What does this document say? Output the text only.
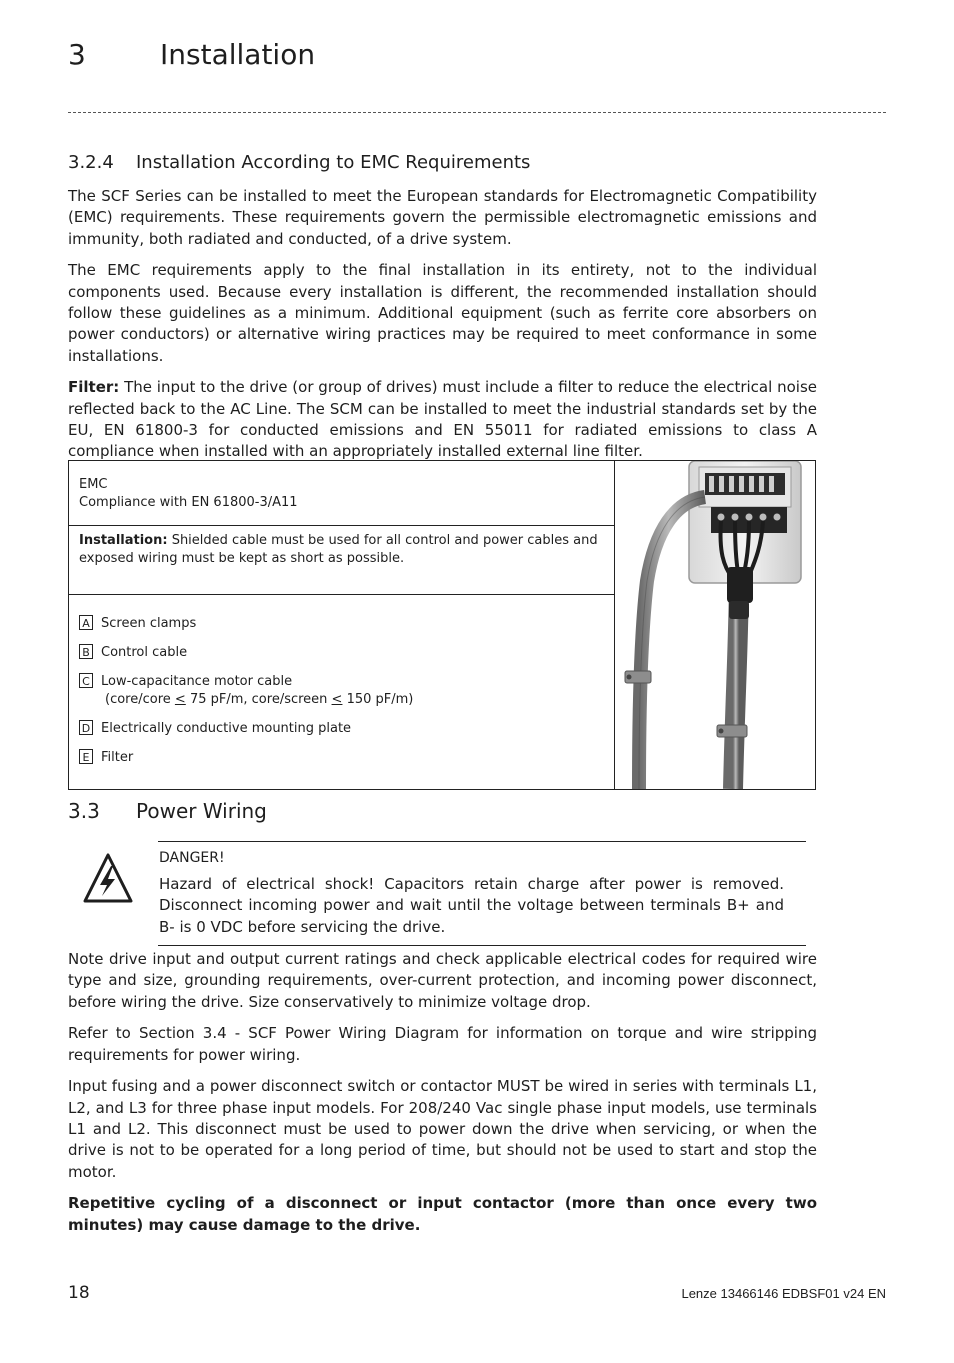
3	Installation
3.2.4 Installation According to EMC Requirements

The SCF Series can be installed to meet the European standards for Electromagnetic Compatibility (EMC) requirements. These requirements govern the permissible electromagnetic emissions and immunity, both radiated and conducted, of a drive system.

The EMC requirements apply to the final installation in its entirety, not to the individual components used. Because every installation is different, the recommended installation should follow these guidelines as a minimum. Additional equipment (such as ferrite core absorbers on power conductors) or alternative wiring practices may be required to meet conformance in some installations.

Filter: The input to the drive (or group of drives) must include a filter to reduce the electrical noise reflected back to the AC Line. The SCM can be installed to meet the industrial standards set by the EU, EN 61800-3 for conducted emissions and EN 55011 for radiated emissions to class A compliance when installed with an appropriately installed external line filter.

EMC
Compliance with EN 61800-3/A11
Installation: Shielded cable must be used for all control and power cables and exposed wiring must be kept as short as possible.
A Screen clamps
B Control cable
C Low-capacitance motor cable
(core/core ≤ 75 pF/m, core/screen ≤ 150 pF/m)
D Electrically conductive mounting plate
E Filter
3.3 Power Wiring
DANGER!
Hazard of electrical shock! Capacitors retain charge after power is removed. Disconnect incoming power and wait until the voltage between terminals B+ and B- is 0 VDC before servicing the drive.

Note drive input and output current ratings and check applicable electrical codes for required wire type and size, grounding requirements, over-current protection, and incoming power disconnect, before wiring the drive. Size conservatively to minimize voltage drop.

Refer to Section 3.4 - SCF Power Wiring Diagram for information on torque and wire stripping requirements for power wiring.

Input fusing and a power disconnect switch or contactor MUST be wired in series with terminals L1, L2, and L3 for three phase input models. For 208/240 Vac single phase input models, use terminals L1 and L2. This disconnect must be used to power down the drive when servicing, or when the drive is not to be operated for a long period of time, but should not be used to start and stop the motor.

Repetitive cycling of a disconnect or input contactor (more than once every two minutes) may cause damage to the drive.

18	Lenze 13466146 EDBSF01 v24 EN
